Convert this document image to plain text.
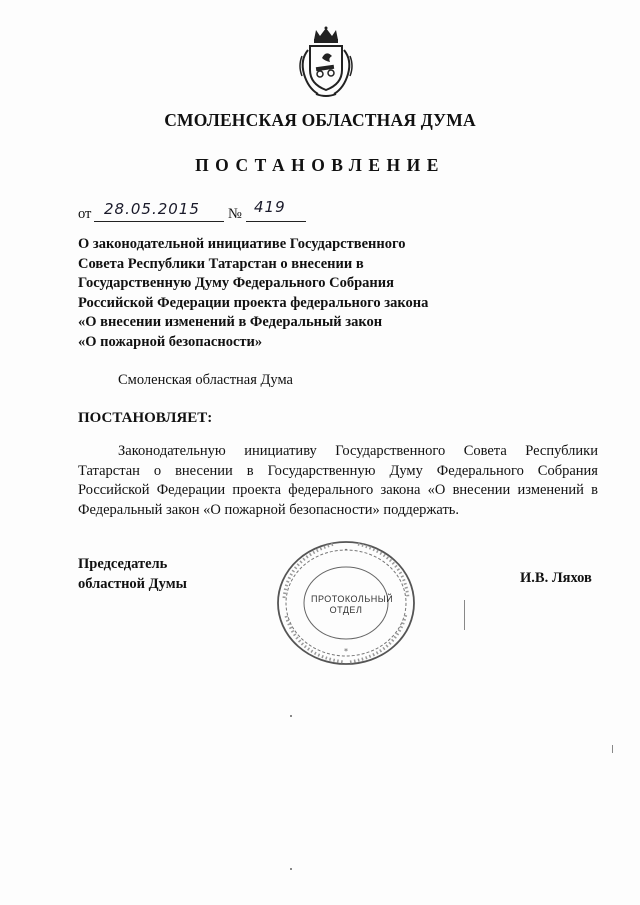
СМОЛЕНСКАЯ ОБЛАСТНАЯ ДУМА
ПОСТАНОВЛЕНИЕ
от 28.05.2015 № 419
О законодательной инициативе Государственного
Совета Республики Татарстан о внесении в
Государственную Думу Федерального Собрания
Российской Федерации проекта федерального закона
«О внесении изменений в Федеральный закон
«О пожарной безопасности»
Смоленская областная Дума
ПОСТАНОВЛЯЕТ:
Законодательную инициативу Государственного Совета Республики
Татарстан о внесении в Государственную Думу Федерального Собрания
Российской Федерации проекта федерального закона «О внесении изменений в
Федеральный закон «О пожарной безопасности» поддержать.
Председатель
областной Думы
*
•
ПРОТОКОЛЬНЫЙ
ОТДЕЛ
И.В. Ляхов
